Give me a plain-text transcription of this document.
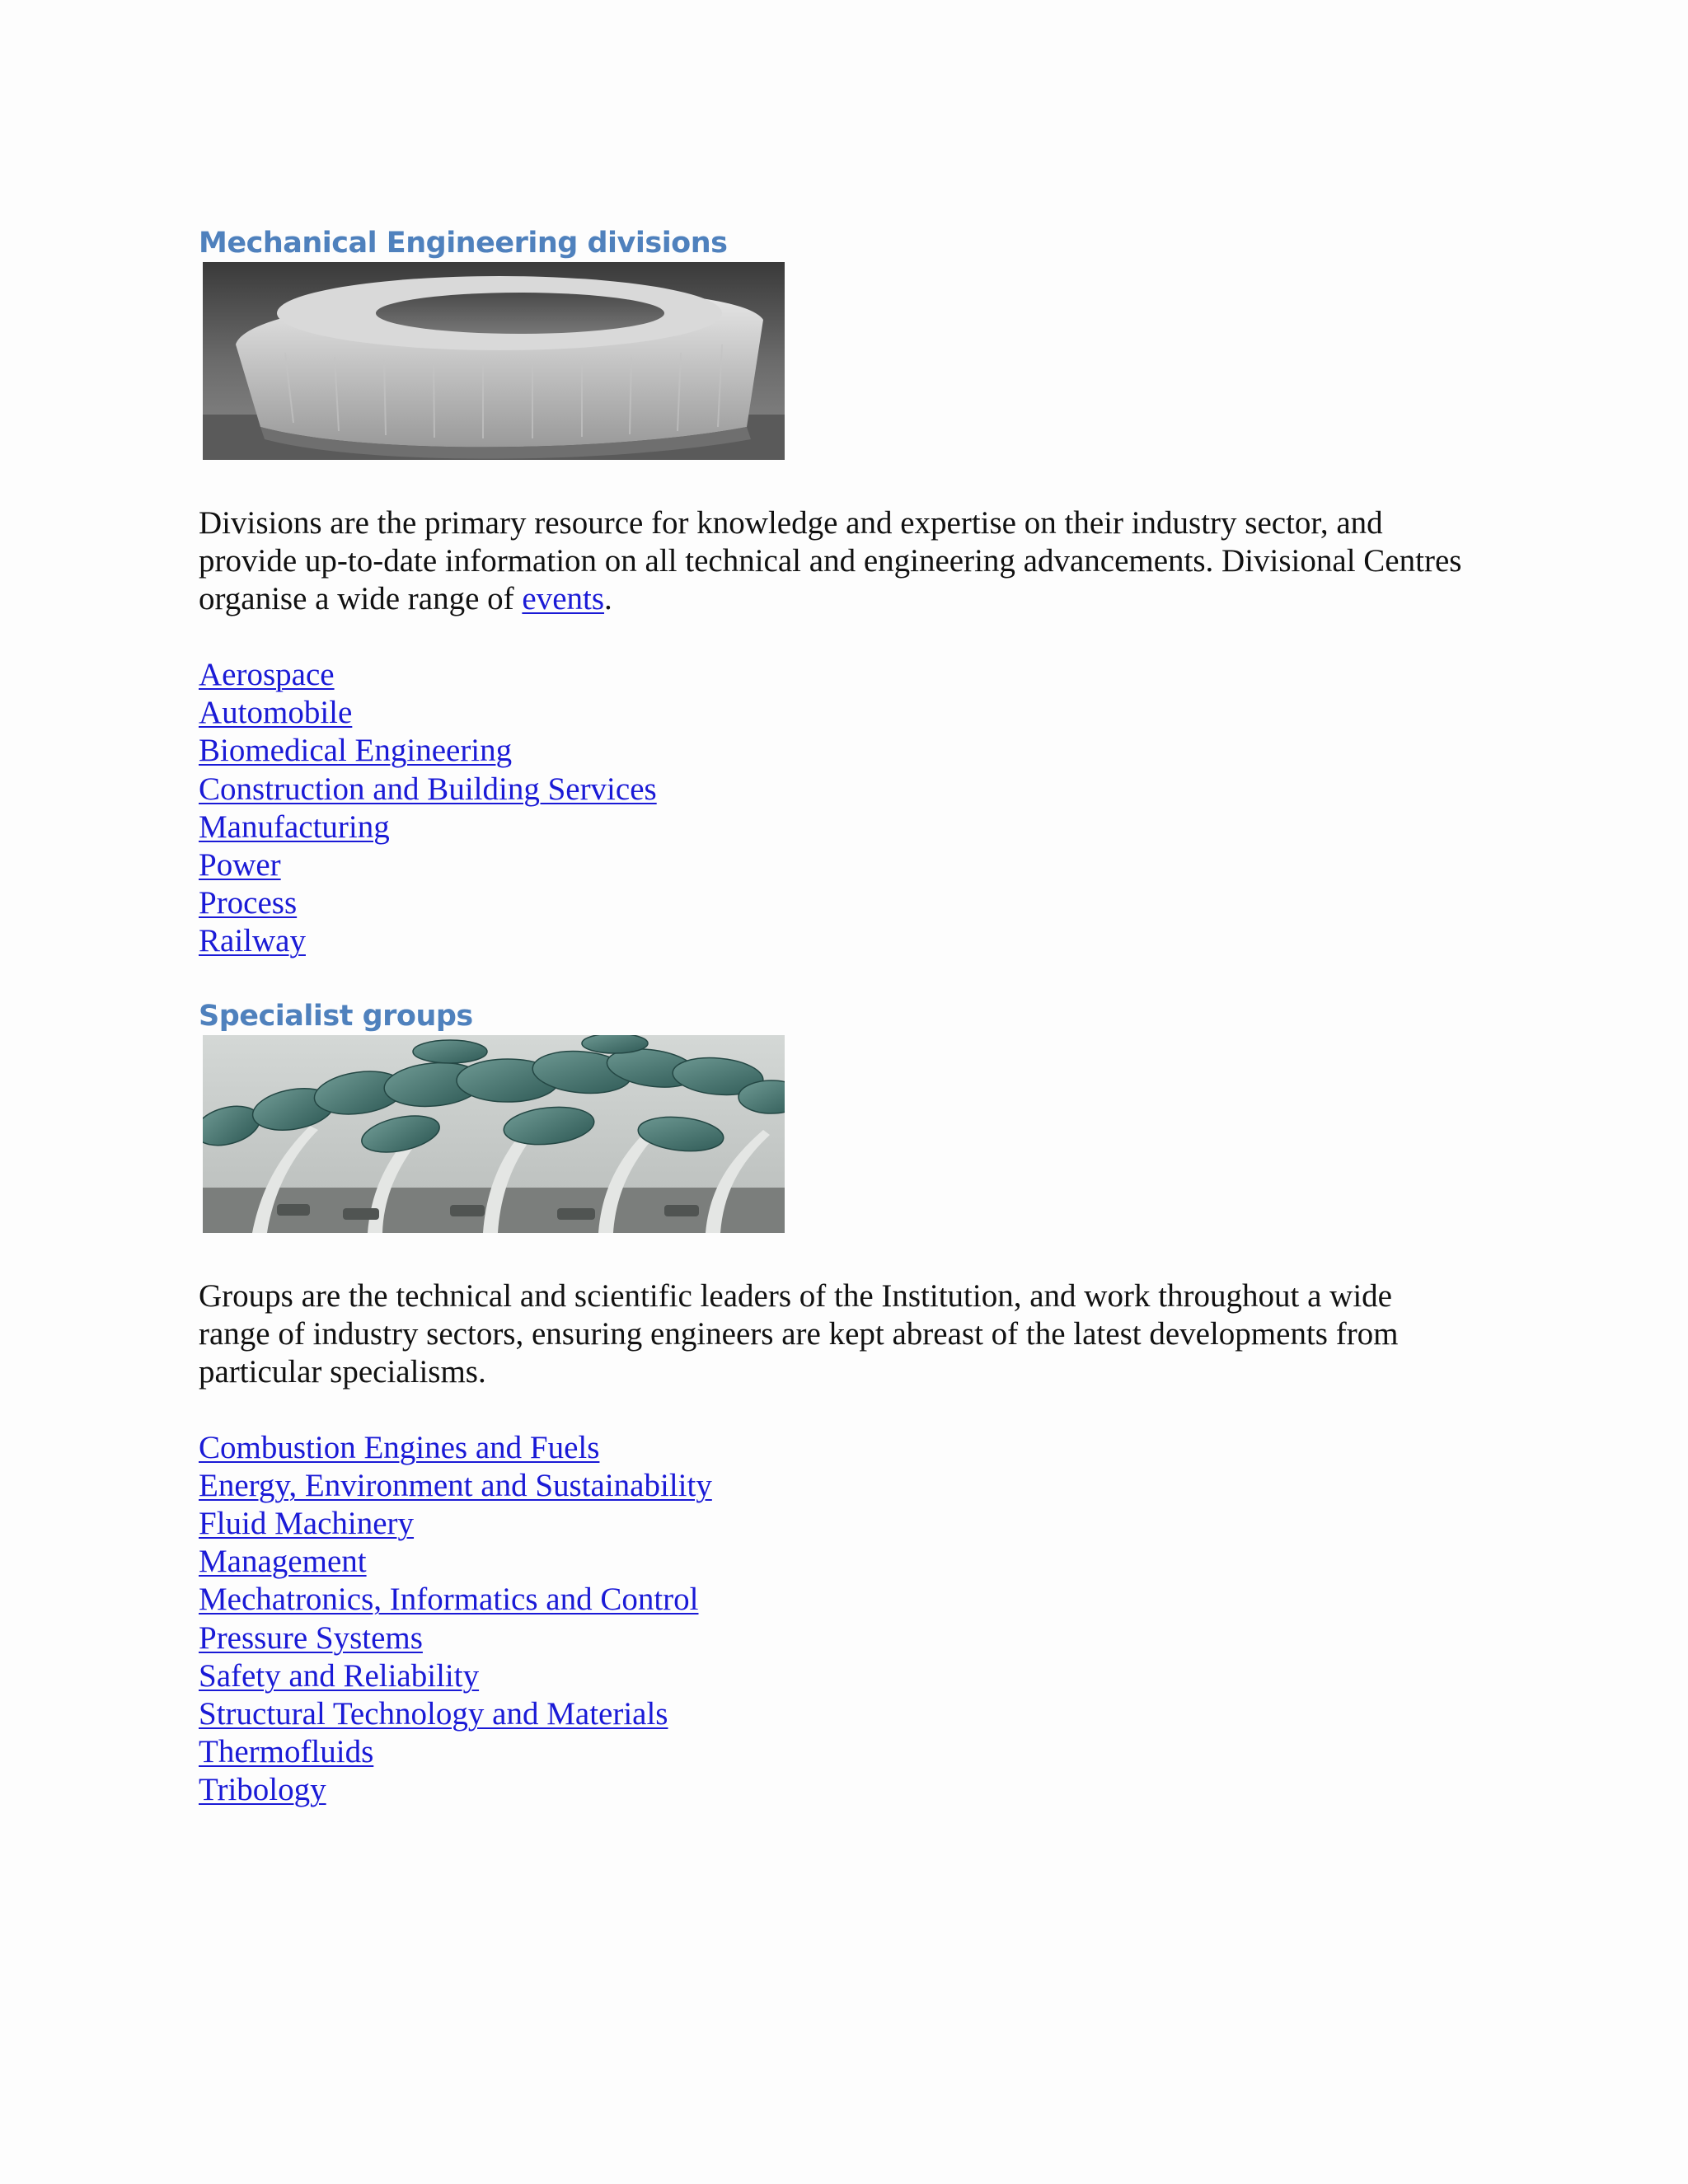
Mechanical Engineering divisions

Divisions are the primary resource for knowledge and expertise on their industry sector, and provide up-to-date information on all technical and engineering advancements. Divisional Centres organise a wide range of events.

Aerospace
Automobile
Biomedical Engineering
Construction and Building Services
Manufacturing
Power
Process
Railway
Specialist groups

Groups are the technical and scientific leaders of the Institution, and work throughout a wide range of industry sectors, ensuring engineers are kept abreast of the latest developments from particular specialisms.

Combustion Engines and Fuels
Energy, Environment and Sustainability
Fluid Machinery
Management
Mechatronics, Informatics and Control
Pressure Systems
Safety and Reliability
Structural Technology and Materials
Thermofluids
Tribology
